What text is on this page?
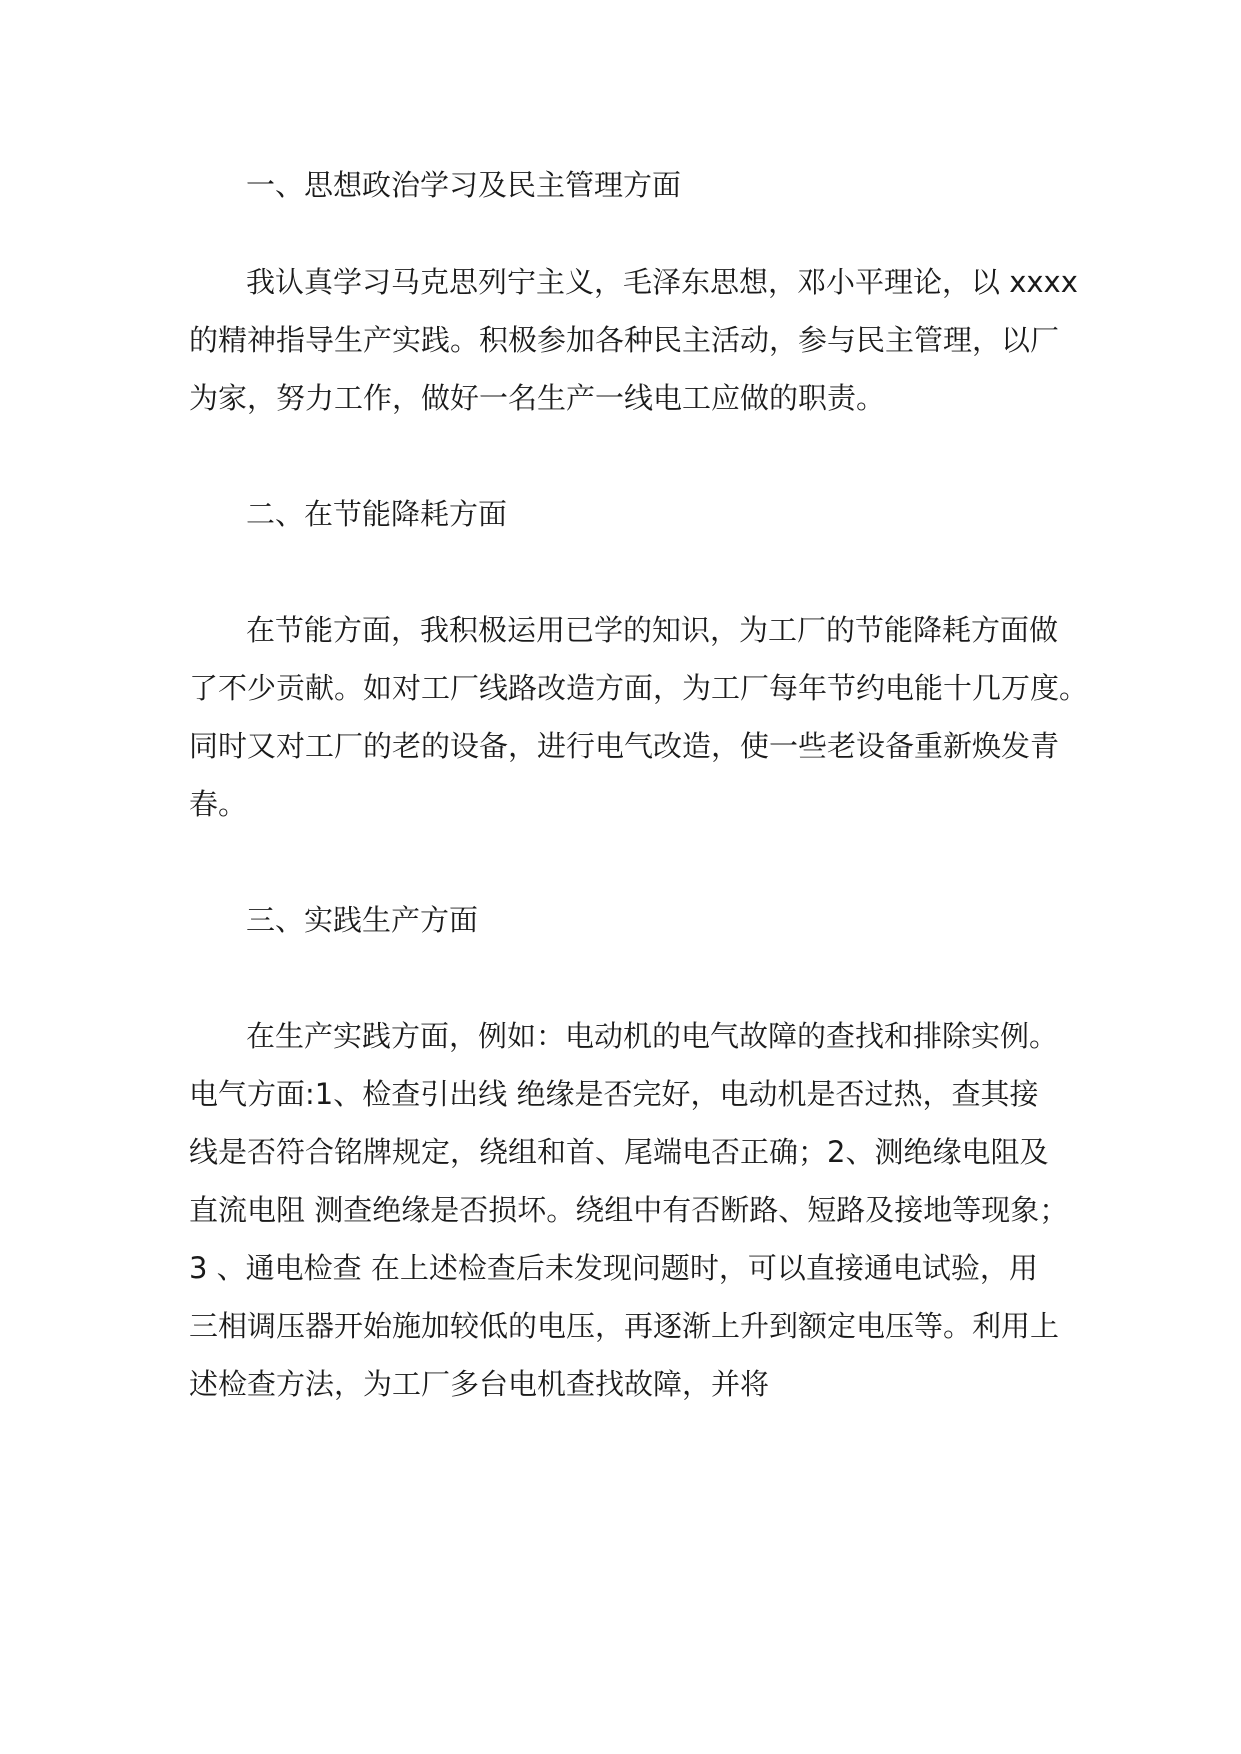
一、思想政治学习及民主管理方面

我认真学习马克思列宁主义，毛泽东思想，邓小平理论，以 xxxx

的精神指导生产实践。积极参加各种民主活动，参与民主管理，以厂

为家，努力工作，做好一名生产一线电工应做的职责。

二、在节能降耗方面

在节能方面，我积极运用已学的知识，为工厂的节能降耗方面做

了不少贡献。如对工厂线路改造方面，为工厂每年节约电能十几万度。

同时又对工厂的老的设备，进行电气改造，使一些老设备重新焕发青

春。

三、实践生产方面

在生产实践方面，例如：电动机的电气故障的查找和排除实例。

电气方面:1、检查引出线 绝缘是否完好，电动机是否过热，查其接

线是否符合铭牌规定，绕组和首、尾端电否正确；2、测绝缘电阻及

直流电阻 测查绝缘是否损坏。绕组中有否断路、短路及接地等现象；

3 、通电检查 在上述检查后未发现问题时，可以直接通电试验，用

三相调压器开始施加较低的电压，再逐渐上升到额定电压等。利用上

述检查方法，为工厂多台电机查找故障，并将
